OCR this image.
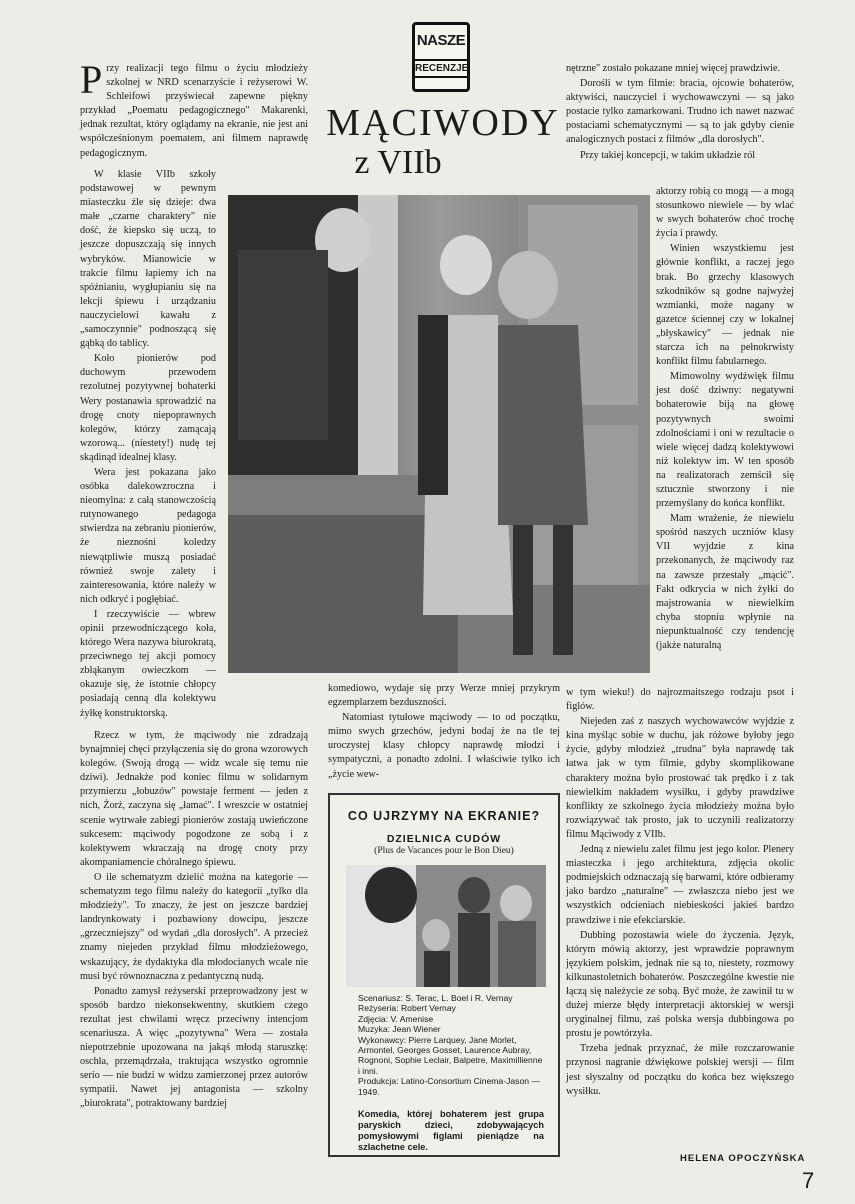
P rzy realizacji tego filmu o życiu młodzieży szkolnej w NRD scenarzyście i reżyserowi W. Schleifowi przyświecał zapewne piękny przykład „Poematu pedagogicznego" Makarenki, jednak rezultat, który oglądamy na ekranie, nie jest ani współcześnionym poematem, ani filmem naprawdę pedagogicznym.

W klasie VIIb szkoły podstawowej w pewnym miasteczku źle się dzieje: dwa małe „czarne charaktery" nie dość, że kiepsko się uczą, to jeszcze dopuszczają się innych wybryków. Mianowicie w trakcie filmu łapiemy ich na spóźnianiu, wygłupianiu się na lekcji śpiewu i urządzaniu nauczycielowi kawału z „samoczynnie" podnoszącą się gąbką do tablicy.

Koło pionierów pod duchowym przewodem rezolutnej pozytywnej bohaterki Wery postanawia sprowadzić na drogę cnoty niepoprawnych kolegów, którzy zamącają wzorową... (niestety!) nudę tej skądinąd idealnej klasy.

Wera jest pokazana jako osóbka dalekowzroczna i nieomylna: z całą stanowczością rutynowanego pedagoga stwierdza na zebraniu pionierów, że nieznośni koledzy niewątpliwie muszą posiadać również swoje zalety i zainteresowania, które należy w nich odkryć i pogłębiać.

I rzeczywiście — wbrew opinii przewodniczącego koła, którego Wera nazywa biurokratą, przeciwnego tej akcji pomocy zbłąkanym owieczkom — okazuje się, że istotnie chłopcy posiadają cenną dla kolektywu żyłkę konstruktorską.

Rzecz w tym, że mąciwody nie zdradzają bynajmniej chęci przyłączenia się do grona wzorowych kolegów. (Swoją drogą — widz wcale się temu nie dziwi). Jednakże pod koniec filmu w solidarnym przymierzu „łobuzów" powstaje ferment — jeden z nich, Żorż, zaczyna się „łamać". I wreszcie w ostatniej scenie wytrwałe zabiegi pionierów zostają uwieńczone sukcesem: mąciwody pogodzone ze sobą i z kolektywem wkraczają na drogę cnoty przy akompaniamencie chóralnego śpiewu.

O ile schematyzm dzielić można na kategorie — schematyzm tego filmu należy do kategorii „tylko dla młodzieży". To znaczy, że jest on jeszcze bardziej landrynkowaty i pozbawiony dowcipu, jeszcze „grzeczniejszy" od wydań „dla dorosłych". A przecież znamy niejeden przykład filmu młodzieżowego, wskazujący, że dydaktyka dla młodocianych wcale nie musi być równoznaczna z pedantyczną nudą.

Ponadto zamysł reżyserski przeprowadzony jest w sposób bardzo niekonsekwentny, skutkiem czego rezultat jest chwilami wręcz przeciwny intencjom scenariusza. A więc „pozytywna" Wera — została niepotrzebnie upozowana na jakąś młodą staruszkę: oschła, przemądrzała, traktująca wszystko ogromnie serio — nie budzi w widzu zamierzonej przez autorów sympatii. Nawet jej antagonista — szkolny „biurokrata", potraktowany bardziej

NASZE
RECENZJE
MĄCIWODY
z VIIb

komediowo, wydaje się przy Werze mniej przykrym egzemplarzem bezduszności.

Natomiast tytułowe mąciwody — to od początku, mimo swych grzechów, jedyni bodaj że na tle tej uroczystej klasy chłopcy naprawdę młodzi i sympatyczni, a ponadto zdolni. I właściwie tylko ich „życie wew-

CO UJRZYMY NA EKRANIE?
DZIELNICA CUDÓW
(Plus de Vacances pour le Bon Dieu)
Scenariusz: S. Terac, L. Boel i R. Vernay
Reżyseria: Robert Vernay
Zdjęcia: V. Amenise
Muzyka: Jean Wiener
Wykonawcy: Pierre Larquey, Jane Morlet, Armontel, Georges Gosset, Laurence Aubray, Rognoni, Sophie Leclair, Balpetre, Maximillienne i inni.
Produkcja: Latino-Consortium Cinema-Jason — 1949.
Komedia, której bohaterem jest grupa paryskich dzieci, zdobywających pomysłowymi figlami pieniądze na szlachetne cele.

nętrzne" zostało pokazane mniej więcej prawdziwie.

Dorośli w tym filmie: bracia, ojcowie bohaterów, aktywiści, nauczyciel i wychowawczyni — są jako postacie tylko zamarkowani. Trudno ich nawet nazwać postaciami schematycznymi — są to jak gdyby cienie analogicznych postaci z filmów „dla dorosłych".

Przy takiej koncepcji, w takim układzie ról

aktorzy robią co mogą — a mogą stosunkowo niewiele — by wlać w swych bohaterów choć trochę życia i prawdy.

Winien wszystkiemu jest głównie konflikt, a raczej jego brak. Bo grzechy klasowych szkodników są godne najwyżej wzmianki, może nagany w gazetce ściennej czy w lokalnej „błyskawicy" — jednak nie starcza ich na pełnokrwisty konflikt filmu fabularnego.

Mimowolny wydźwięk filmu jest dość dziwny: negatywni bohaterowie biją na głowę pozytywnych swoimi zdolnościami i oni w rezultacie o wiele więcej dadzą kolektywowi niż kolektyw im. W ten sposób na realizatorach zemścił się sztucznie stworzony i nie przemyślany do końca konflikt.

Mam wrażenie, że niewielu spośród naszych uczniów klasy VII wyjdzie z kina przekonanych, że mąciwody raz na zawsze przestały „mącić". Fakt odkrycia w nich żyłki do majstrowania w niewielkim chyba stopniu wpłynie na niepunktualność czy tendencję (jakże naturalną

w tym wieku!) do najrozmaitszego rodzaju psot i figlów.

Niejeden zaś z naszych wychowawców wyjdzie z kina myśląc sobie w duchu, jak różowe byłoby jego życie, gdyby młodzież „trudna" była naprawdę tak łatwa jak w tym filmie, gdyby skomplikowane charaktery można było prostować tak prędko i z tak niewielkim nakładem wysiłku, i gdyby prawdziwe konflikty ze szkolnego życia młodzieży można było rozwiązywać tak prosto, jak to uczynili realizatorzy filmu Mąciwody z VIIb.

Jedną z niewielu zalet filmu jest jego kolor. Plenery miasteczka i jego architektura, zdjęcia okolic podmiejskich odznaczają się barwami, które odbieramy jako bardzo „naturalne" — zwłaszcza niebo jest we wszystkich odcieniach niebieskości jakieś bardzo prawdziwe i nie efekciarskie.

Dubbing pozostawia wiele do życzenia. Język, którym mówią aktorzy, jest wprawdzie poprawnym językiem polskim, jednak nie są to, niestety, rozmowy kilkunastoletnich bohaterów. Poszczególne kwestie nie łączą się należycie ze sobą. Być może, że zawinił tu w dużej mierze błędy interpretacji aktorskiej w wersji oryginalnej filmu, zaś polska wersja dubbingowa po prostu je powtórzyła.

Trzeba jednak przyznać, że miłe rozczarowanie przynosi nagranie dźwiękowe polskiej wersji — film jest słyszalny od początku do końca bez większego wysiłku.

HELENA OPOCZYŃSKA
7
